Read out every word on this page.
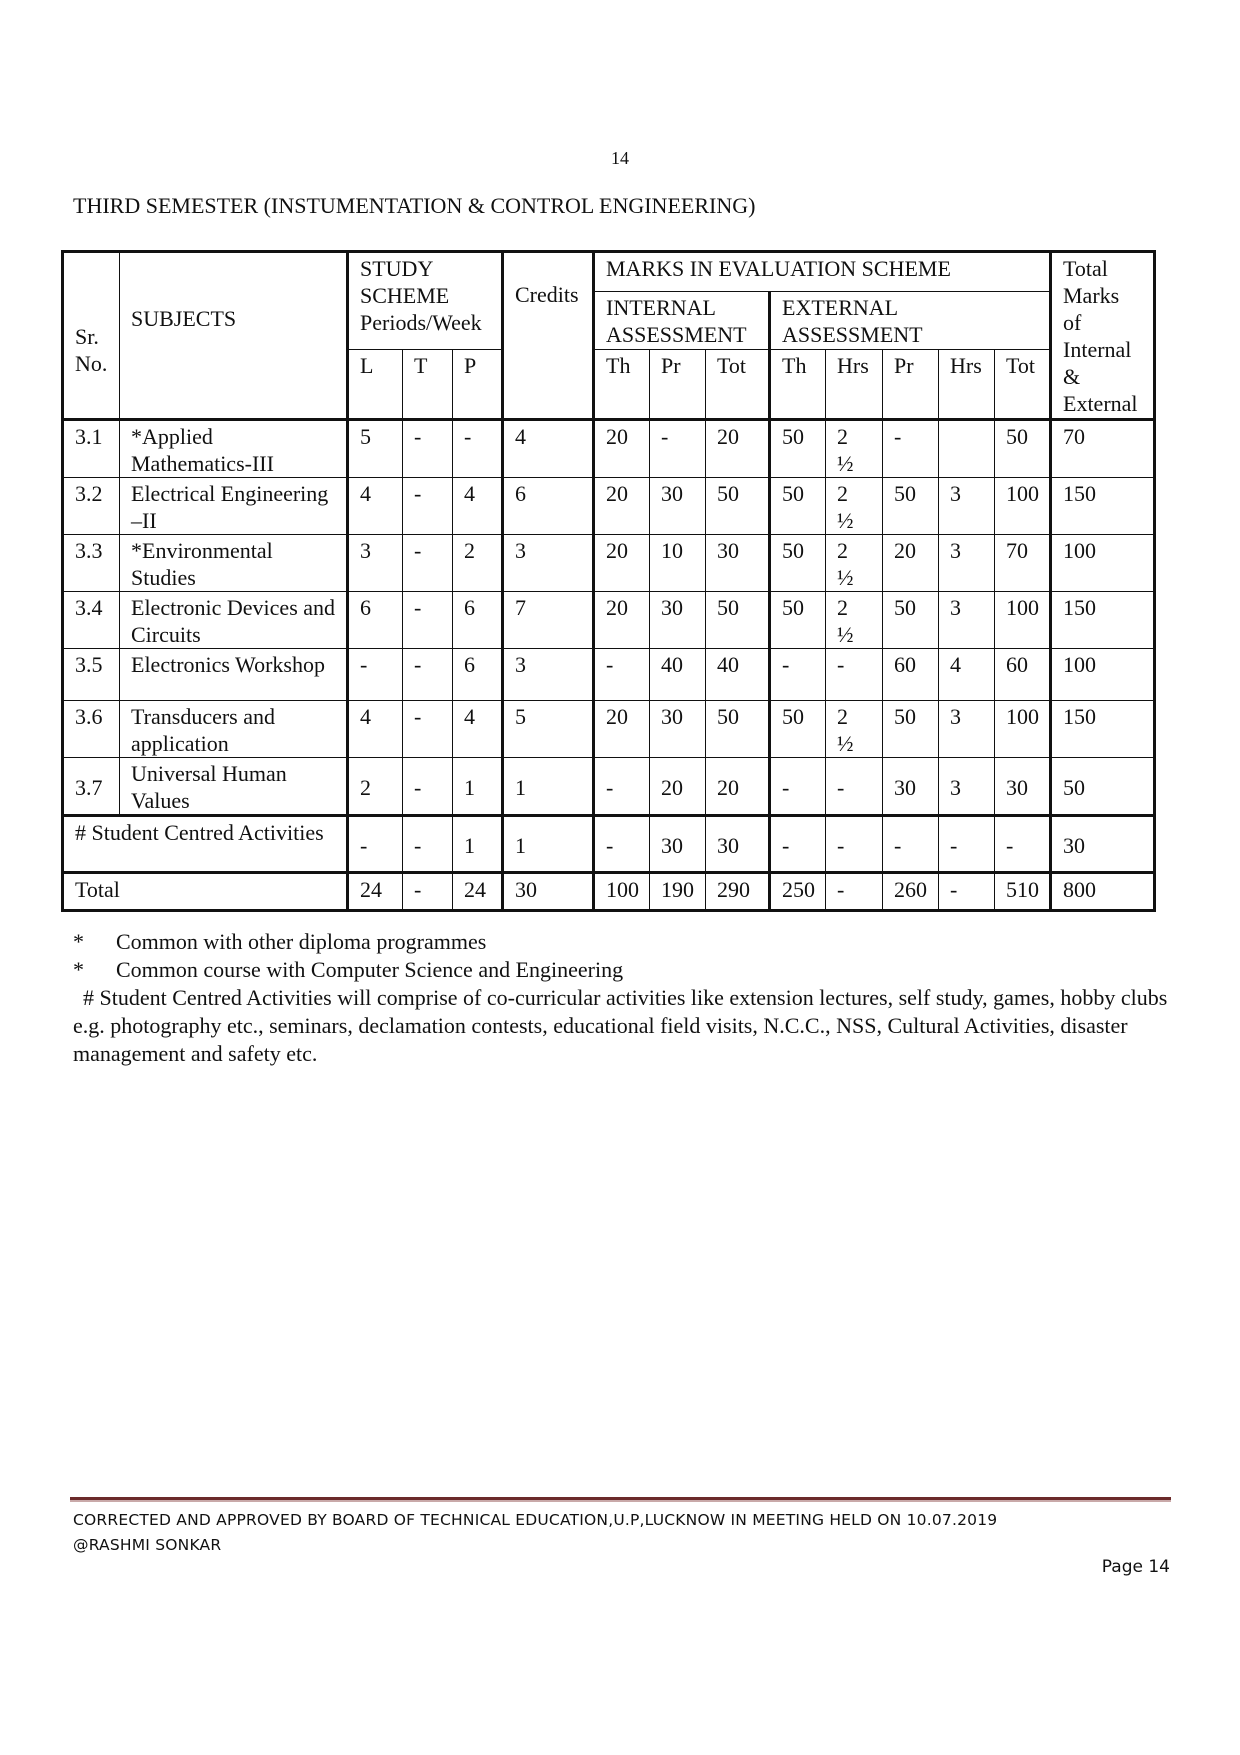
14
THIRD SEMESTER (INSTUMENTATION & CONTROL ENGINEERING)
Sr. No.	SUBJECTS	STUDY SCHEME Periods/Week			Credits	MARKS IN EVALUATION SCHEME								Total Marks of Internal & External
						INTERNAL ASSESSMENT			EXTERNAL ASSESSMENT					
		L	T	P		Th	Pr	Tot	Th	Hrs	Pr	Hrs	Tot	
3.1	*Applied Mathematics-III	5	-	-	4	20	-	20	50	2 ½	-		50	70
3.2	Electrical Engineering –II	4	-	4	6	20	30	50	50	2 ½	50	3	100	150
3.3	*Environmental Studies	3	-	2	3	20	10	30	50	2 ½	20	3	70	100
3.4	Electronic Devices and Circuits	6	-	6	7	20	30	50	50	2 ½	50	3	100	150
3.5	Electronics Workshop	-	-	6	3	-	40	40	-	-	60	4	60	100
3.6	Transducers and application	4	-	4	5	20	30	50	50	2 ½	50	3	100	150
3.7	Universal Human Values	2	-	1	1	-	20	20	-	-	30	3	30	50
# Student Centred Activities		-	-	1	1	-	30	30	-	-	-	-	-	30
Total		24	-	24	30	100	190	290	250	-	260	-	510	800
* Common with other diploma programmes
* Common course with Computer Science and Engineering
# Student Centred Activities will comprise of co-curricular activities like extension lectures, self study, games, hobby clubs e.g. photography etc., seminars, declamation contests, educational field visits, N.C.C., NSS, Cultural Activities, disaster management and safety etc.
CORRECTED AND APPROVED BY BOARD OF TECHNICAL EDUCATION,U.P,LUCKNOW IN MEETING HELD ON 10.07.2019
@RASHMI SONKAR
Page 14
